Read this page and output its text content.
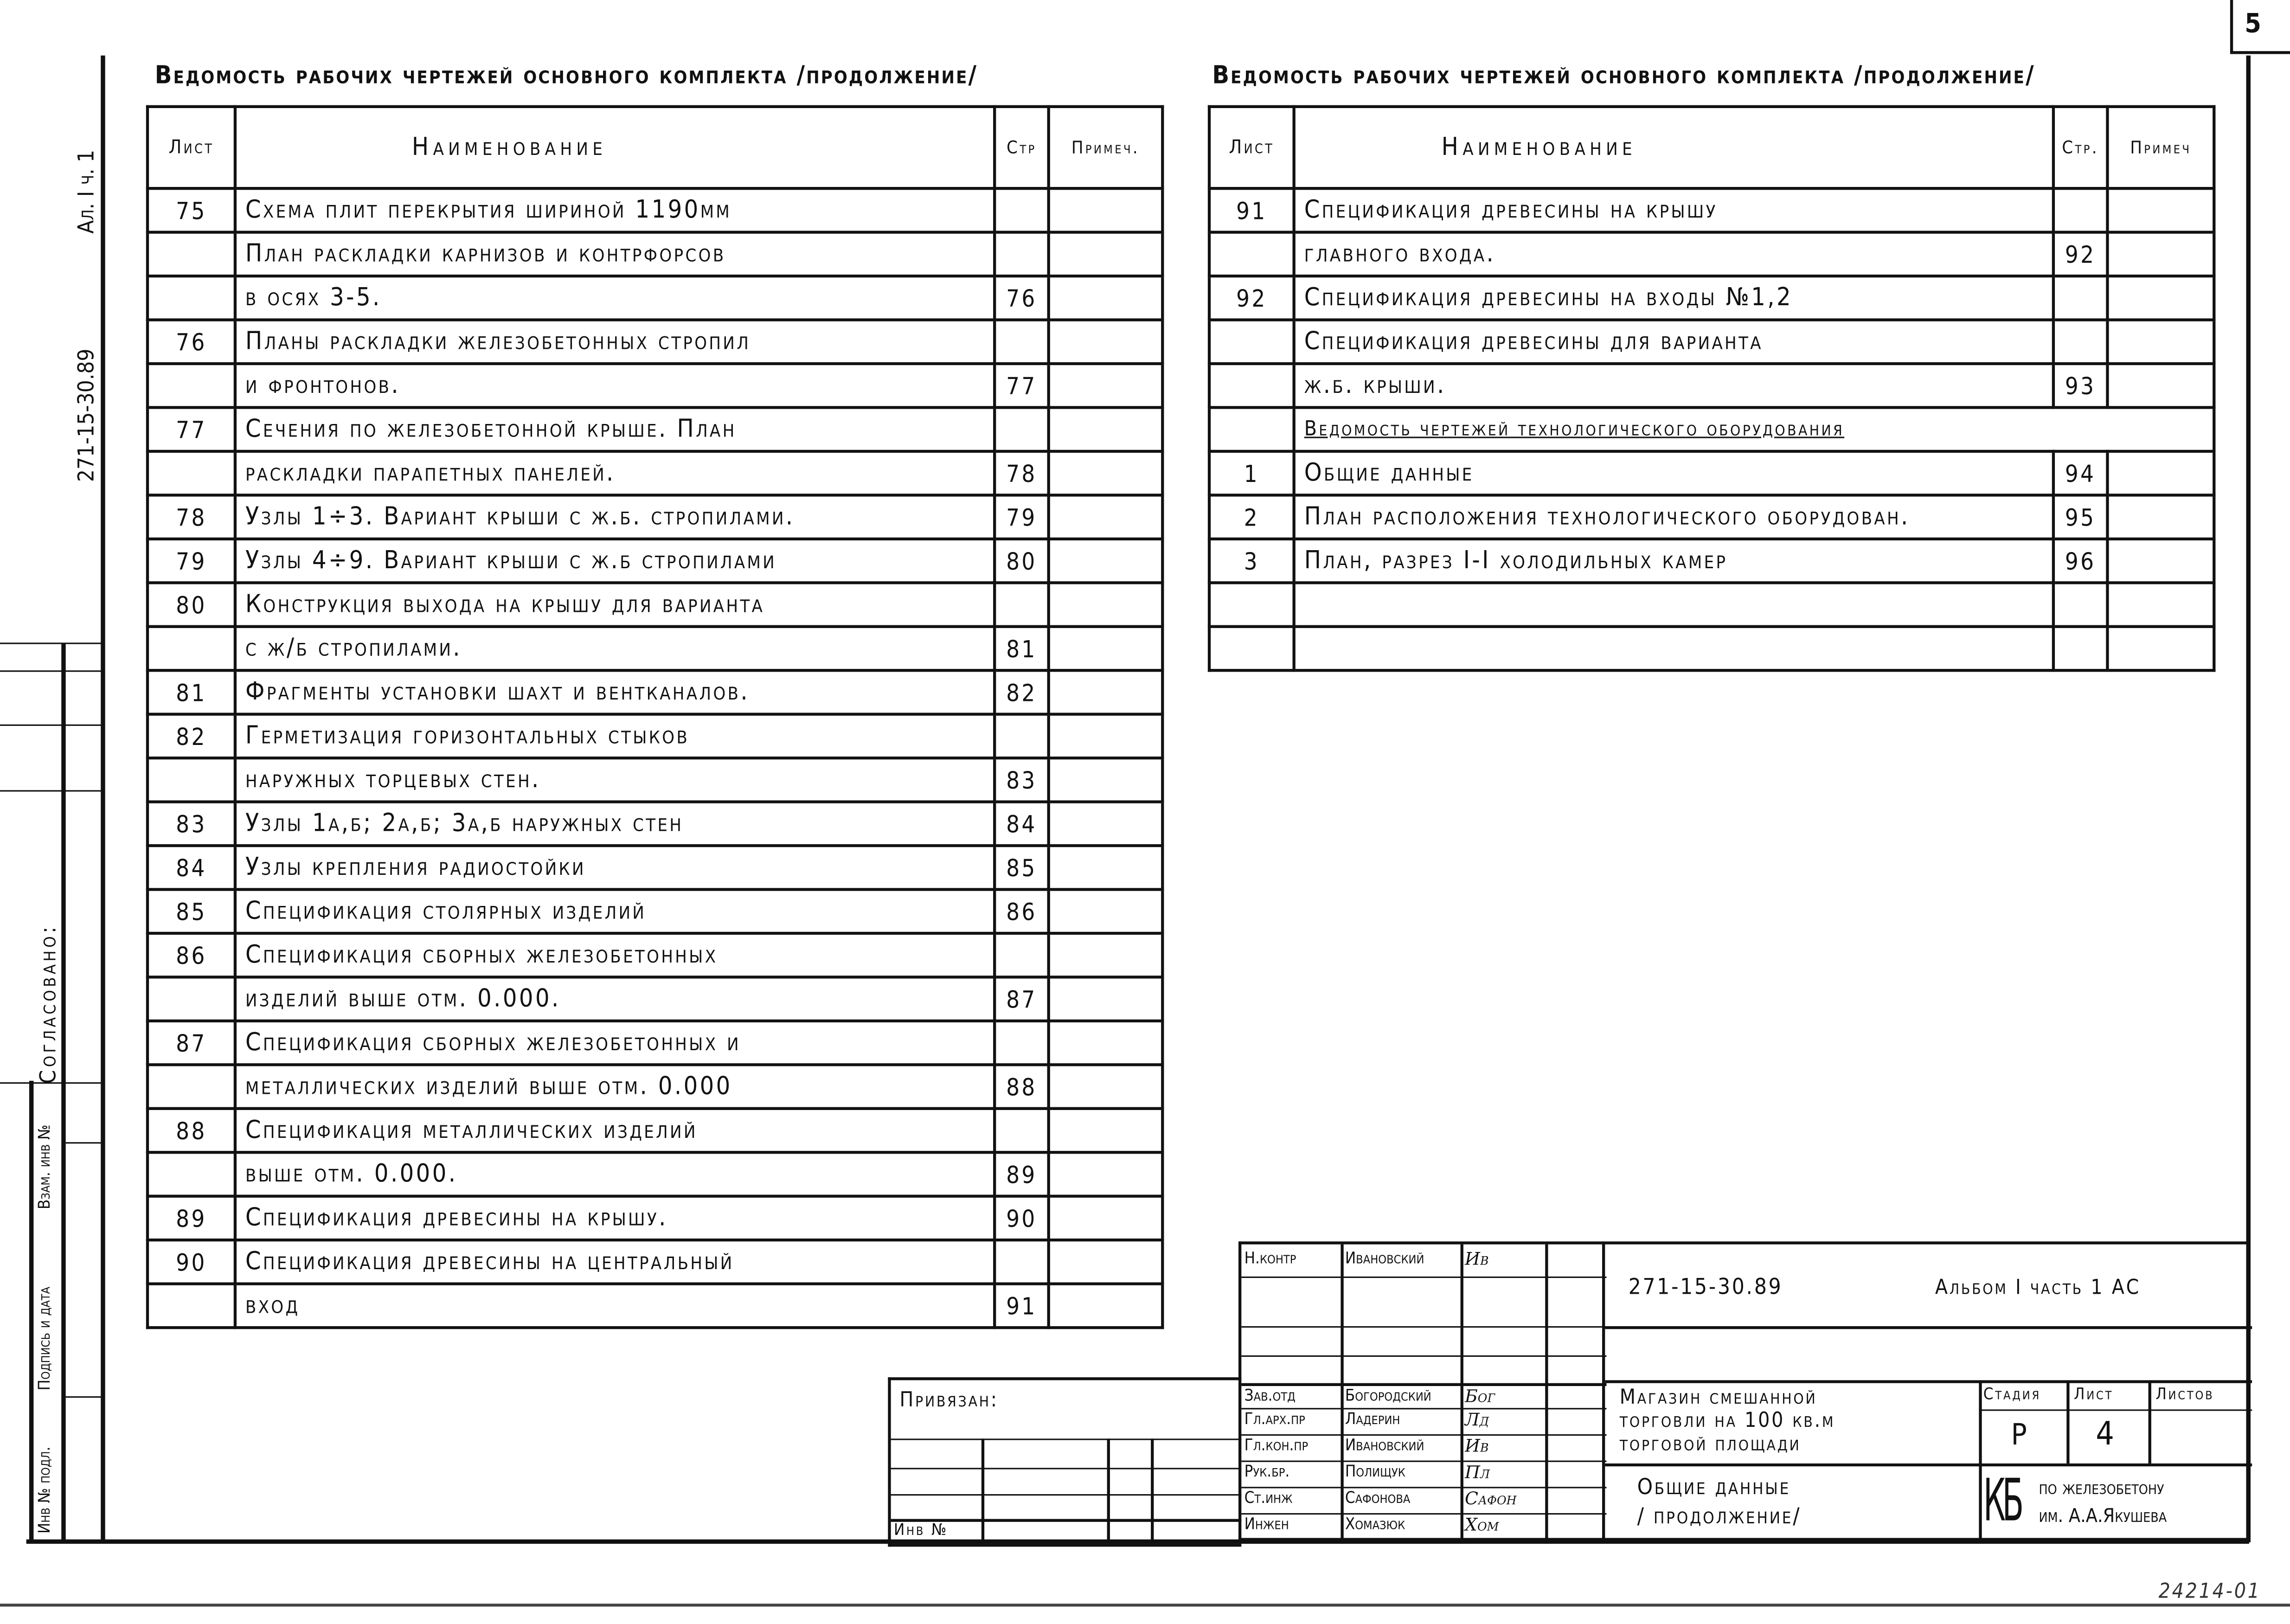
5
24214-01
271-15-30.89
Ал. I ч. 1
Согласовано:
Инв № подл.
Подпись и дата
Взам. инв №
Ведомость рабочих чертежей основного комплекта /продолжение/
Лист	Наименование	Стр	Примеч.
75	Схема плит перекрытия шириной 1190мм		
	План раскладки карнизов и контрфорсов		
	в осях 3-5.	76	
76	Планы раскладки железобетонных стропил		
	и фронтонов.	77	
77	Сечения по железобетонной крыше. План		
	раскладки парапетных панелей.	78	
78	Узлы 1÷3. Вариант крыши с ж.б. стропилами.	79	
79	Узлы 4÷9. Вариант крыши с ж.б стропилами	80	
80	Конструкция выхода на крышу для варианта		
	с ж/б стропилами.	81	
81	Фрагменты установки шахт и вентканалов.	82	
82	Герметизация горизонтальных стыков		
	наружных торцевых стен.	83	
83	Узлы 1а,б; 2а,б; 3а,б наружных стен	84	
84	Узлы крепления радиостойки	85	
85	Спецификация столярных изделий	86	
86	Спецификация сборных железобетонных		
	изделий выше отм. 0.000.	87	
87	Спецификация сборных железобетонных и		
	металлических изделий выше отм. 0.000	88	
88	Спецификация металлических изделий		
	выше отм. 0.000.	89	
89	Спецификация древесины на крышу.	90	
90	Спецификация древесины на центральный		
	вход	91	
Ведомость рабочих чертежей основного комплекта /продолжение/
Лист	Наименование	Стр.	Примеч
91	Спецификация древесины на крышу		
	главного входа.	92	
92	Спецификация древесины на входы №1,2		
	Спецификация древесины для варианта		
	ж.б. крыши.	93	
	Ведомость чертежей технологического оборудования		
1	Общие данные	94	
2	План расположения технологического оборудован.	95	
3	План, разрез I-I холодильных камер	96	

Привязан:
Инв №
Н.контр	Ивановский	Ив
Зав.отд	Богородский	Бог
Гл.арх.пр	Ладерин	Лд
Гл.кон.пр	Ивановский	Ив
Рук.бр.	Полищук	Пл
Ст.инж	Сафонова	Сафон
Инжен	Хомазюк	Хом
271-15-30.89	Альбом I часть 1 АС
Магазин смешанной
торговли на 100 кв.м
торговой площади
Общие данные
/ продолжение/
Стадия	Лист	Листов
Р	4
КБ	по железобетону
им. А.А.Якушева
